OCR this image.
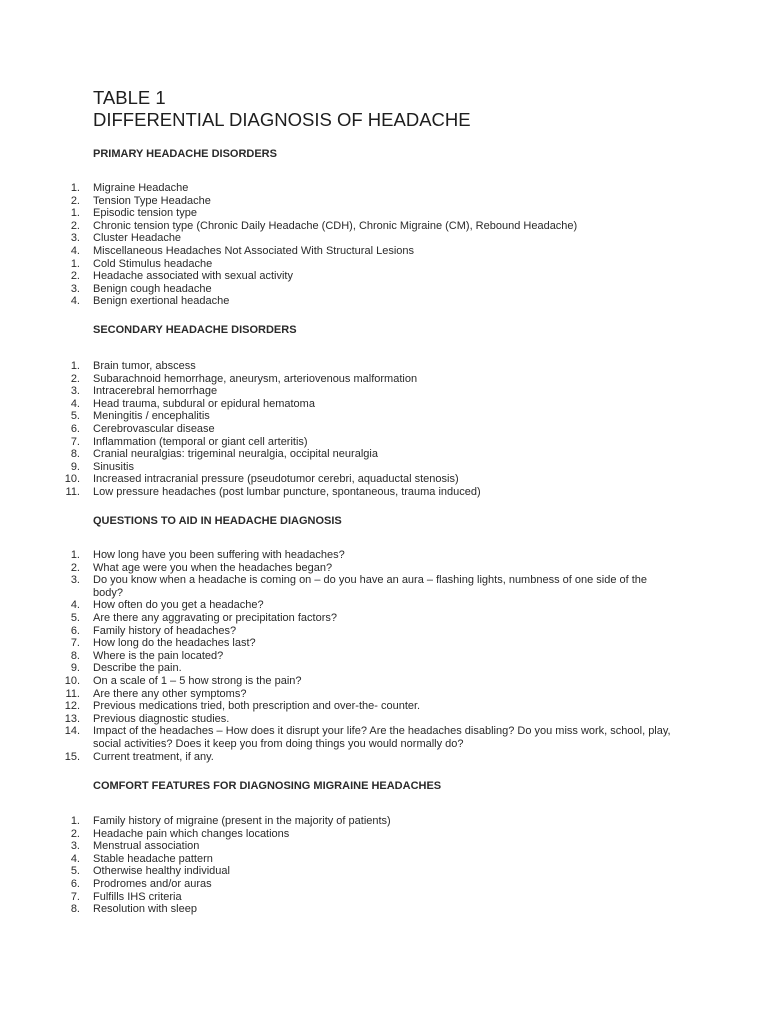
TABLE 1
DIFFERENTIAL DIAGNOSIS OF HEADACHE
PRIMARY HEADACHE DISORDERS
1. Migraine Headache
2. Tension Type Headache
1. Episodic tension type
2. Chronic tension type (Chronic Daily Headache (CDH), Chronic Migraine (CM), Rebound Headache)
3. Cluster Headache
4. Miscellaneous Headaches Not Associated With Structural Lesions
1. Cold Stimulus headache
2. Headache associated with sexual activity
3. Benign cough headache
4. Benign exertional headache
SECONDARY HEADACHE DISORDERS
1. Brain tumor, abscess
2. Subarachnoid hemorrhage, aneurysm, arteriovenous malformation
3. Intracerebral hemorrhage
4. Head trauma, subdural or epidural hematoma
5. Meningitis / encephalitis
6. Cerebrovascular disease
7. Inflammation (temporal or giant cell arteritis)
8. Cranial neuralgias: trigeminal neuralgia, occipital neuralgia
9. Sinusitis
10. Increased intracranial pressure (pseudotumor cerebri, aquaductal stenosis)
11. Low pressure headaches (post lumbar puncture, spontaneous, trauma induced)
QUESTIONS TO AID IN HEADACHE DIAGNOSIS
1. How long have you been suffering with headaches?
2. What age were you when the headaches began?
3. Do you know when a headache is coming on – do you have an aura – flashing lights, numbness of one side of the body?
4. How often do you get a headache?
5. Are there any aggravating or precipitation factors?
6. Family history of headaches?
7. How long do the headaches last?
8. Where is the pain located?
9. Describe the pain.
10. On a scale of 1 – 5 how strong is the pain?
11. Are there any other symptoms?
12. Previous medications tried, both prescription and over-the- counter.
13. Previous diagnostic studies.
14. Impact of the headaches – How does it disrupt your life? Are the headaches disabling? Do you miss work, school, play, social activities? Does it keep you from doing things you would normally do?
15. Current treatment, if any.
COMFORT FEATURES FOR DIAGNOSING MIGRAINE HEADACHES
1. Family history of migraine (present in the majority of patients)
2. Headache pain which changes locations
3. Menstrual association
4. Stable headache pattern
5. Otherwise healthy individual
6. Prodromes and/or auras
7. Fulfills IHS criteria
8. Resolution with sleep
